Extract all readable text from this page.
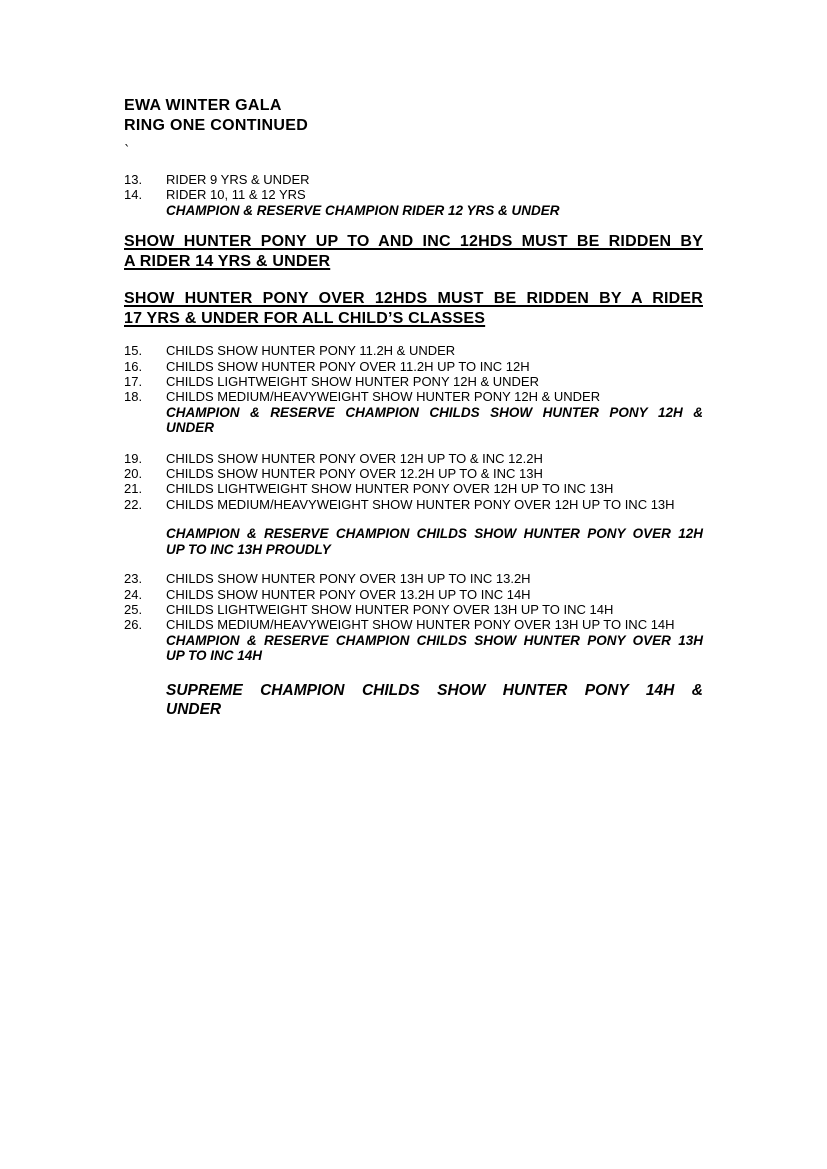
EWA WINTER GALA
RING ONE CONTINUED
`
13.	RIDER 9 YRS & UNDER
14.	RIDER 10, 11 & 12 YRS
CHAMPION & RESERVE CHAMPION RIDER 12 YRS & UNDER
SHOW HUNTER PONY UP TO AND INC 12HDS MUST BE RIDDEN BY
A RIDER 14 YRS & UNDER
SHOW HUNTER PONY OVER 12HDS MUST BE RIDDEN BY A RIDER
17 YRS & UNDER FOR ALL CHILD’S CLASSES
15.	CHILDS SHOW HUNTER PONY 11.2H & UNDER
16.	CHILDS SHOW HUNTER PONY OVER 11.2H UP TO INC 12H
17.	CHILDS LIGHTWEIGHT SHOW HUNTER PONY 12H & UNDER
18.	CHILDS MEDIUM/HEAVYWEIGHT SHOW HUNTER PONY 12H & UNDER
CHAMPION & RESERVE CHAMPION CHILDS SHOW HUNTER PONY 12H &
UNDER
19.	CHILDS SHOW HUNTER PONY OVER 12H UP TO & INC 12.2H
20.	CHILDS SHOW HUNTER PONY OVER 12.2H UP TO & INC 13H
21.	CHILDS LIGHTWEIGHT SHOW HUNTER PONY OVER 12H UP TO INC 13H
22.	CHILDS MEDIUM/HEAVYWEIGHT SHOW HUNTER PONY OVER 12H UP TO INC 13H
CHAMPION & RESERVE CHAMPION CHILDS SHOW HUNTER PONY OVER 12H
UP TO INC 13H PROUDLY
23.	CHILDS SHOW HUNTER PONY OVER 13H UP TO INC 13.2H
24.	CHILDS SHOW HUNTER PONY OVER 13.2H UP TO INC 14H
25.	CHILDS LIGHTWEIGHT SHOW HUNTER PONY OVER 13H UP TO INC 14H
26.	CHILDS MEDIUM/HEAVYWEIGHT SHOW HUNTER PONY OVER 13H UP TO INC 14H
CHAMPION & RESERVE CHAMPION CHILDS SHOW HUNTER PONY OVER 13H
UP TO INC 14H
SUPREME CHAMPION CHILDS SHOW HUNTER PONY 14H &
UNDER
